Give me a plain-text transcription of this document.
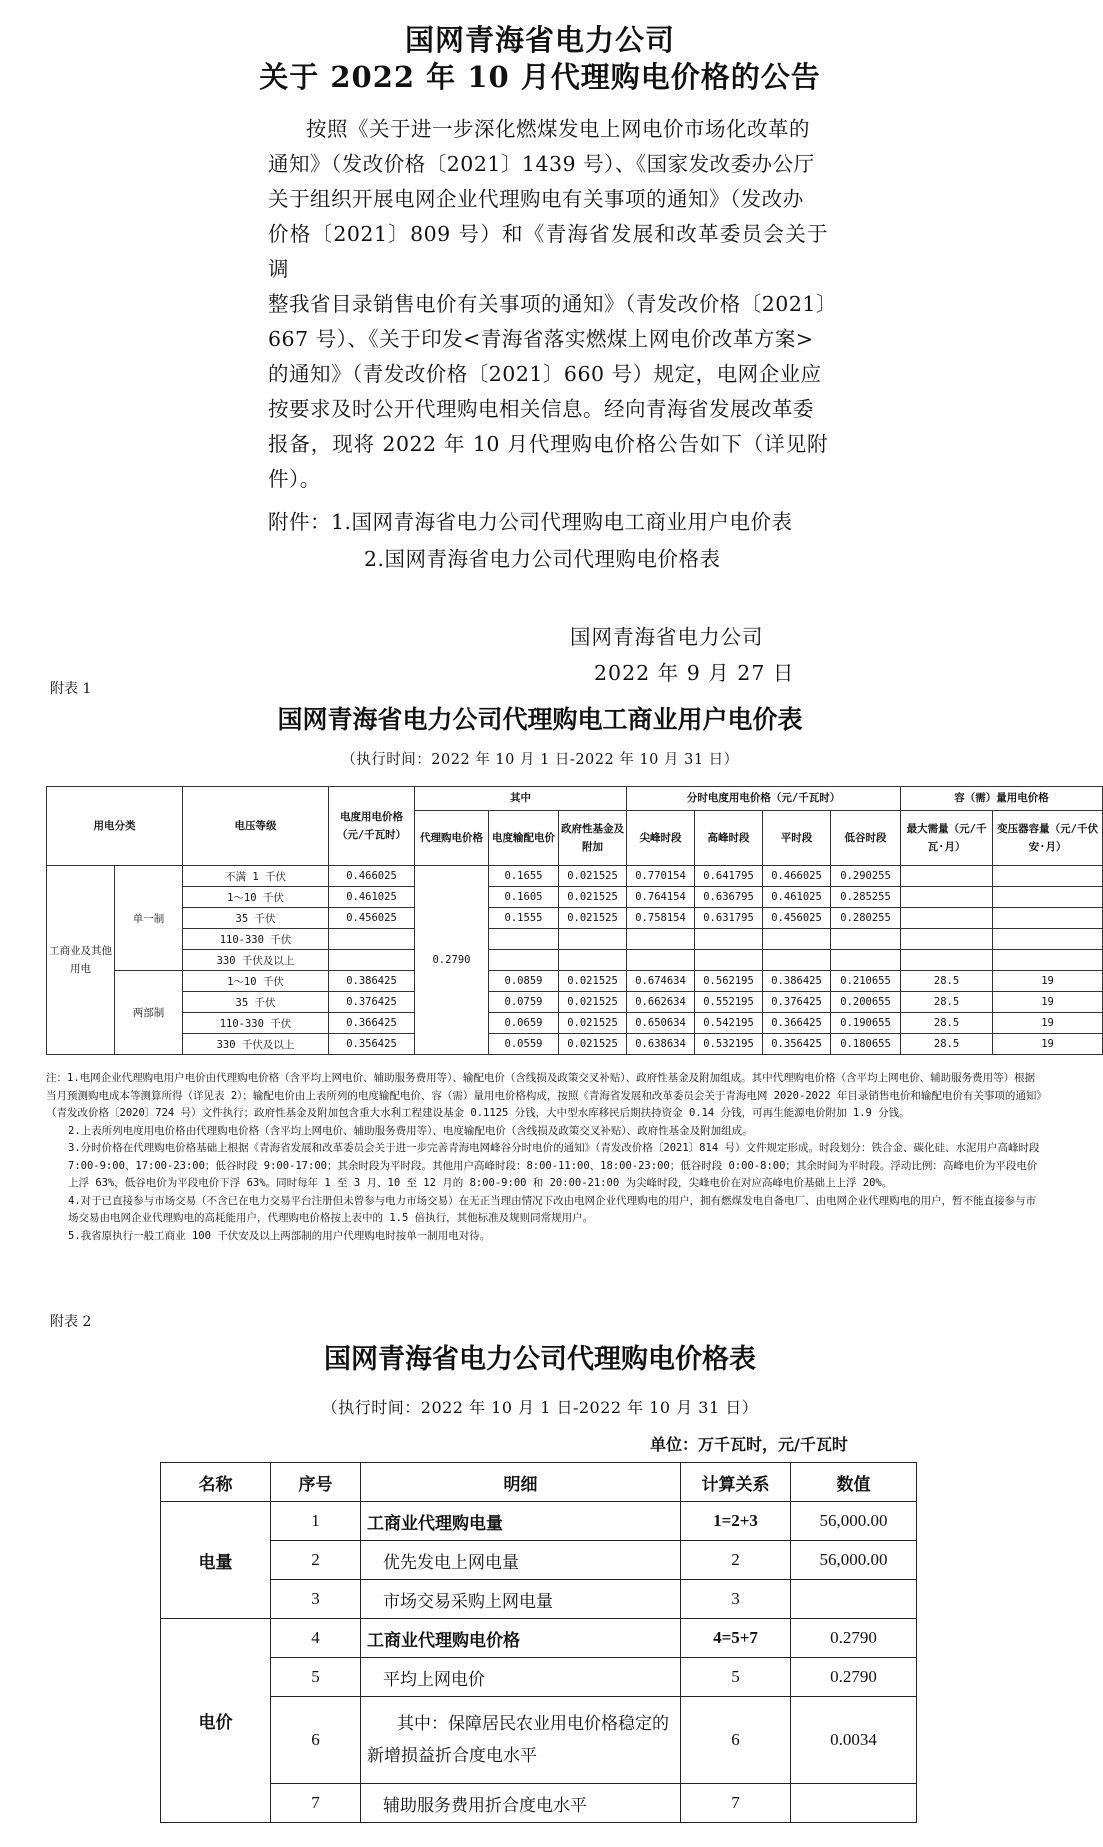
国网青海省电力公司
关于 2022 年 10 月代理购电价格的公告

按照《关于进一步深化燃煤发电上网电价市场化改革的

通知》（发改价格〔2021〕1439 号）、《国家发改委办公厅

关于组织开展电网企业代理购电有关事项的通知》（发改办

价格〔2021〕809 号）和《青海省发展和改革委员会关于调

整我省目录销售电价有关事项的通知》（青发改价格〔2021〕

667 号）、《关于印发<青海省落实燃煤上网电价改革方案>

的通知》（青发改价格〔2021〕660 号）规定，电网企业应

按要求及时公开代理购电相关信息。经向青海省发展改革委

报备，现将 2022 年 10 月代理购电价格公告如下（详见附件）。

附件：1.国网青海省电力公司代理购电工商业用户电价表
2.国网青海省电力公司代理购电价格表
国网青海省电力公司
2022 年 9 月 27 日
附表 1
国网青海省电力公司代理购电工商业用户电价表
（执行时间：2022 年 10 月 1 日-2022 年 10 月 31 日）
用电分类		电压等级	电度用电价格（元/千瓦时）	其中			分时电度用电价格（元/千瓦时）				容（需）量用电价格	
				代理购电价格	电度输配电价	政府性基金及附加	尖峰时段	高峰时段	平时段	低谷时段	最大需量（元/千瓦·月）	变压器容量（元/千伏安·月）
工商业及其他用电	单一制	不满 1 千伏	0.466025	0.2790	0.1655	0.021525	0.770154	0.641795	0.466025	0.290255		
		1～10 千伏	0.461025		0.1605	0.021525	0.764154	0.636795	0.461025	0.285255		
		35 千伏	0.456025		0.1555	0.021525	0.758154	0.631795	0.456025	0.280255		
		110-330 千伏										
		330 千伏及以上										
	两部制	1～10 千伏	0.386425		0.0859	0.021525	0.674634	0.562195	0.386425	0.210655	28.5	19
		35 千伏	0.376425		0.0759	0.021525	0.662634	0.552195	0.376425	0.200655	28.5	19
		110-330 千伏	0.366425		0.0659	0.021525	0.650634	0.542195	0.366425	0.190655	28.5	19
		330 千伏及以上	0.356425		0.0559	0.021525	0.638634	0.532195	0.356425	0.180655	28.5	19

注：1.电网企业代理购电用户电价由代理购电价格（含平均上网电价、辅助服务费用等）、输配电价（含线损及政策交叉补贴）、政府性基金及附加组成。其中代理购电价格（含平均上网电价、辅助服务费用等）根据当月预测购电成本等测算所得（详见表 2）；输配电价由上表所列的电度输配电价、容（需）量用电价格构成，按照《青海省发展和改革委员会关于青海电网 2020-2022 年目录销售电价和输配电价有关事项的通知》（青发改价格〔2020〕724 号）文件执行；政府性基金及附加包含重大水利工程建设基金 0.1125 分钱，大中型水库移民后期扶持资金 0.14 分钱，可再生能源电价附加 1.9 分钱。

2.上表所列电度用电价格由代理购电价格（含平均上网电价、辅助服务费用等）、电度输配电价（含线损及政策交叉补贴）、政府性基金及附加组成。

3.分时价格在代理购电价格基础上根据《青海省发展和改革委员会关于进一步完善青海电网峰谷分时电价的通知》（青发改价格〔2021〕814 号）文件规定形成。时段划分：铁合金、碳化硅、水泥用户高峰时段 7:00-9:00、17:00-23:00；低谷时段 9:00-17:00；其余时段为平时段。其他用户高峰时段：8:00-11:00、18:00-23:00；低谷时段 0:00-8:00；其余时间为平时段。浮动比例：高峰电价为平段电价上浮 63%，低谷电价为平段电价下浮 63%。同时每年 1 至 3 月、10 至 12 月的 8:00-9:00 和 20:00-21:00 为尖峰时段，尖峰电价在对应高峰电价基础上上浮 20%。

4.对于已直接参与市场交易（不含已在电力交易平台注册但未曾参与电力市场交易）在无正当理由情况下改由电网企业代理购电的用户，拥有燃煤发电自备电厂、由电网企业代理购电的用户，暂不能直接参与市场交易由电网企业代理购电的高耗能用户，代理购电价格按上表中的 1.5 倍执行，其他标准及规则同常规用户。

5.我省原执行一般工商业 100 千伏安及以上两部制的用户代理购电时按单一制用电对待。

附表 2
国网青海省电力公司代理购电价格表
（执行时间：2022 年 10 月 1 日-2022 年 10 月 31 日）
单位：万千瓦时，元/千瓦时
名称	序号	明细	计算关系	数值
电量	1	工商业代理购电量	1=2+3	56,000.00
	2	优先发电上网电量	2	56,000.00
	3	市场交易采购上网电量	3	
电价	4	工商业代理购电价格	4=5+7	0.2790
	5	平均上网电价	5	0.2790
	6	其中：保障居民农业用电价格稳定的
新增损益折合度电水平	6	0.0034
	7	辅助服务费用折合度电水平	7	
